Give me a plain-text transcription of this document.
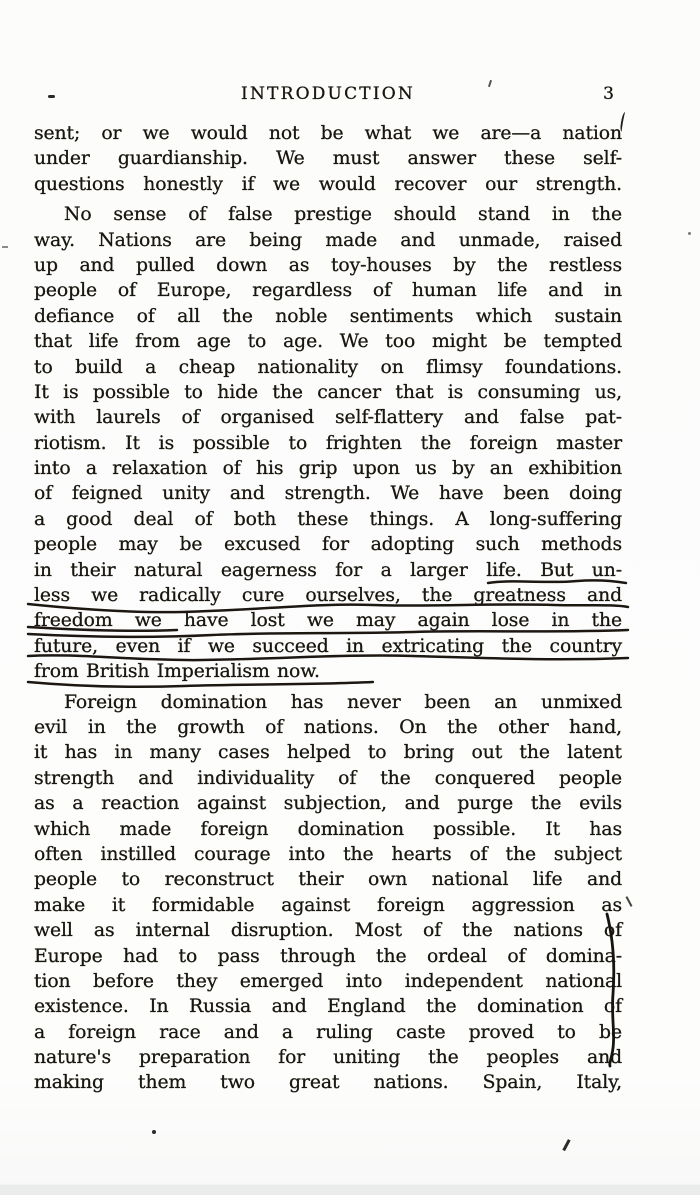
INTRODUCTION	3

sent; or we would not be what we are—a nation
under guardianship. We must answer these self-
questions honestly if we would recover our strength.

No sense of false prestige should stand in the
way. Nations are being made and unmade, raised
up and pulled down as toy-houses by the restless
people of Europe, regardless of human life and in
defiance of all the noble sentiments which sustain
that life from age to age. We too might be tempted
to build a cheap nationality on flimsy foundations.
It is possible to hide the cancer that is consuming us,
with laurels of organised self-flattery and false pat-
riotism. It is possible to frighten the foreign master
into a relaxation of his grip upon us by an exhibition
of feigned unity and strength. We have been doing
a good deal of both these things. A long-suffering
people may be excused for adopting such methods
in their natural eagerness for a larger life. But un-
less we radically cure ourselves, the greatness and
freedom we have lost we may again lose in the
future, even if we succeed in extricating the country
from British Imperialism now.

Foreign domination has never been an unmixed
evil in the growth of nations. On the other hand,
it has in many cases helped to bring out the latent
strength and individuality of the conquered people
as a reaction against subjection, and purge the evils
which made foreign domination possible. It has
often instilled courage into the hearts of the subject
people to reconstruct their own national life and
make it formidable against foreign aggression as
well as internal disruption. Most of the nations of
Europe had to pass through the ordeal of domina-
tion before they emerged into independent national
existence. In Russia and England the domination of
a foreign race and a ruling caste proved to be
nature's preparation for uniting the peoples and
making them two great nations. Spain, Italy,
